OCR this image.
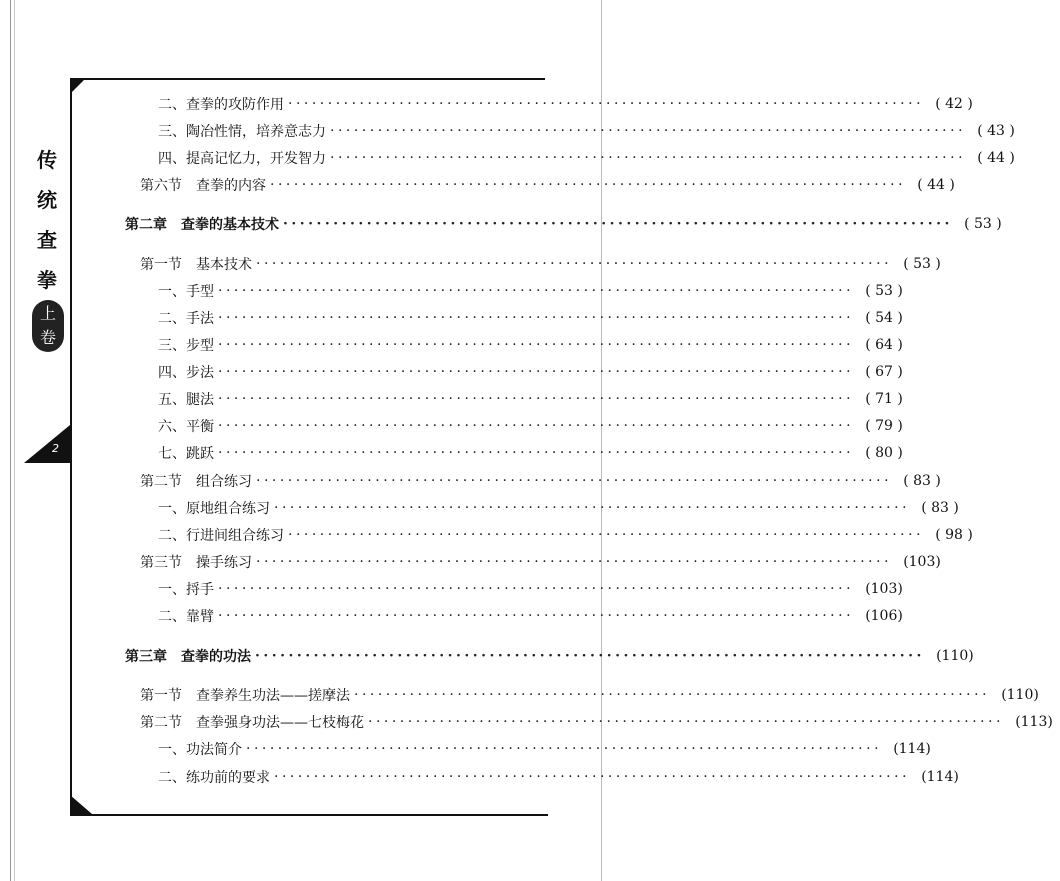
传
统
查
拳
上
卷
2
二、查拳的攻防作用 ················································································ ( 42 )
三、陶冶性情，培养意志力 ················································································ ( 43 )
四、提高记忆力，开发智力 ················································································ ( 44 )
第六节　查拳的内容 ················································································ ( 44 )
第二章　查拳的基本技术 ················································································ ( 53 )
第一节　基本技术 ················································································ ( 53 )
一、手型 ················································································ ( 53 )
二、手法 ················································································ ( 54 )
三、步型 ················································································ ( 64 )
四、步法 ················································································ ( 67 )
五、腿法 ················································································ ( 71 )
六、平衡 ················································································ ( 79 )
七、跳跃 ················································································ ( 80 )
第二节　组合练习 ················································································ ( 83 )
一、原地组合练习 ················································································ ( 83 )
二、行进间组合练习 ················································································ ( 98 )
第三节　操手练习 ················································································ (103)
一、捋手 ················································································ (103)
二、靠臂 ················································································ (106)
第三章　查拳的功法 ················································································ (110)
第一节　查拳养生功法——搓摩法 ················································································ (110)
第二节　查拳强身功法——七枝梅花 ················································································ (113)
一、功法简介 ················································································ (114)
二、练功前的要求 ················································································ (114)
